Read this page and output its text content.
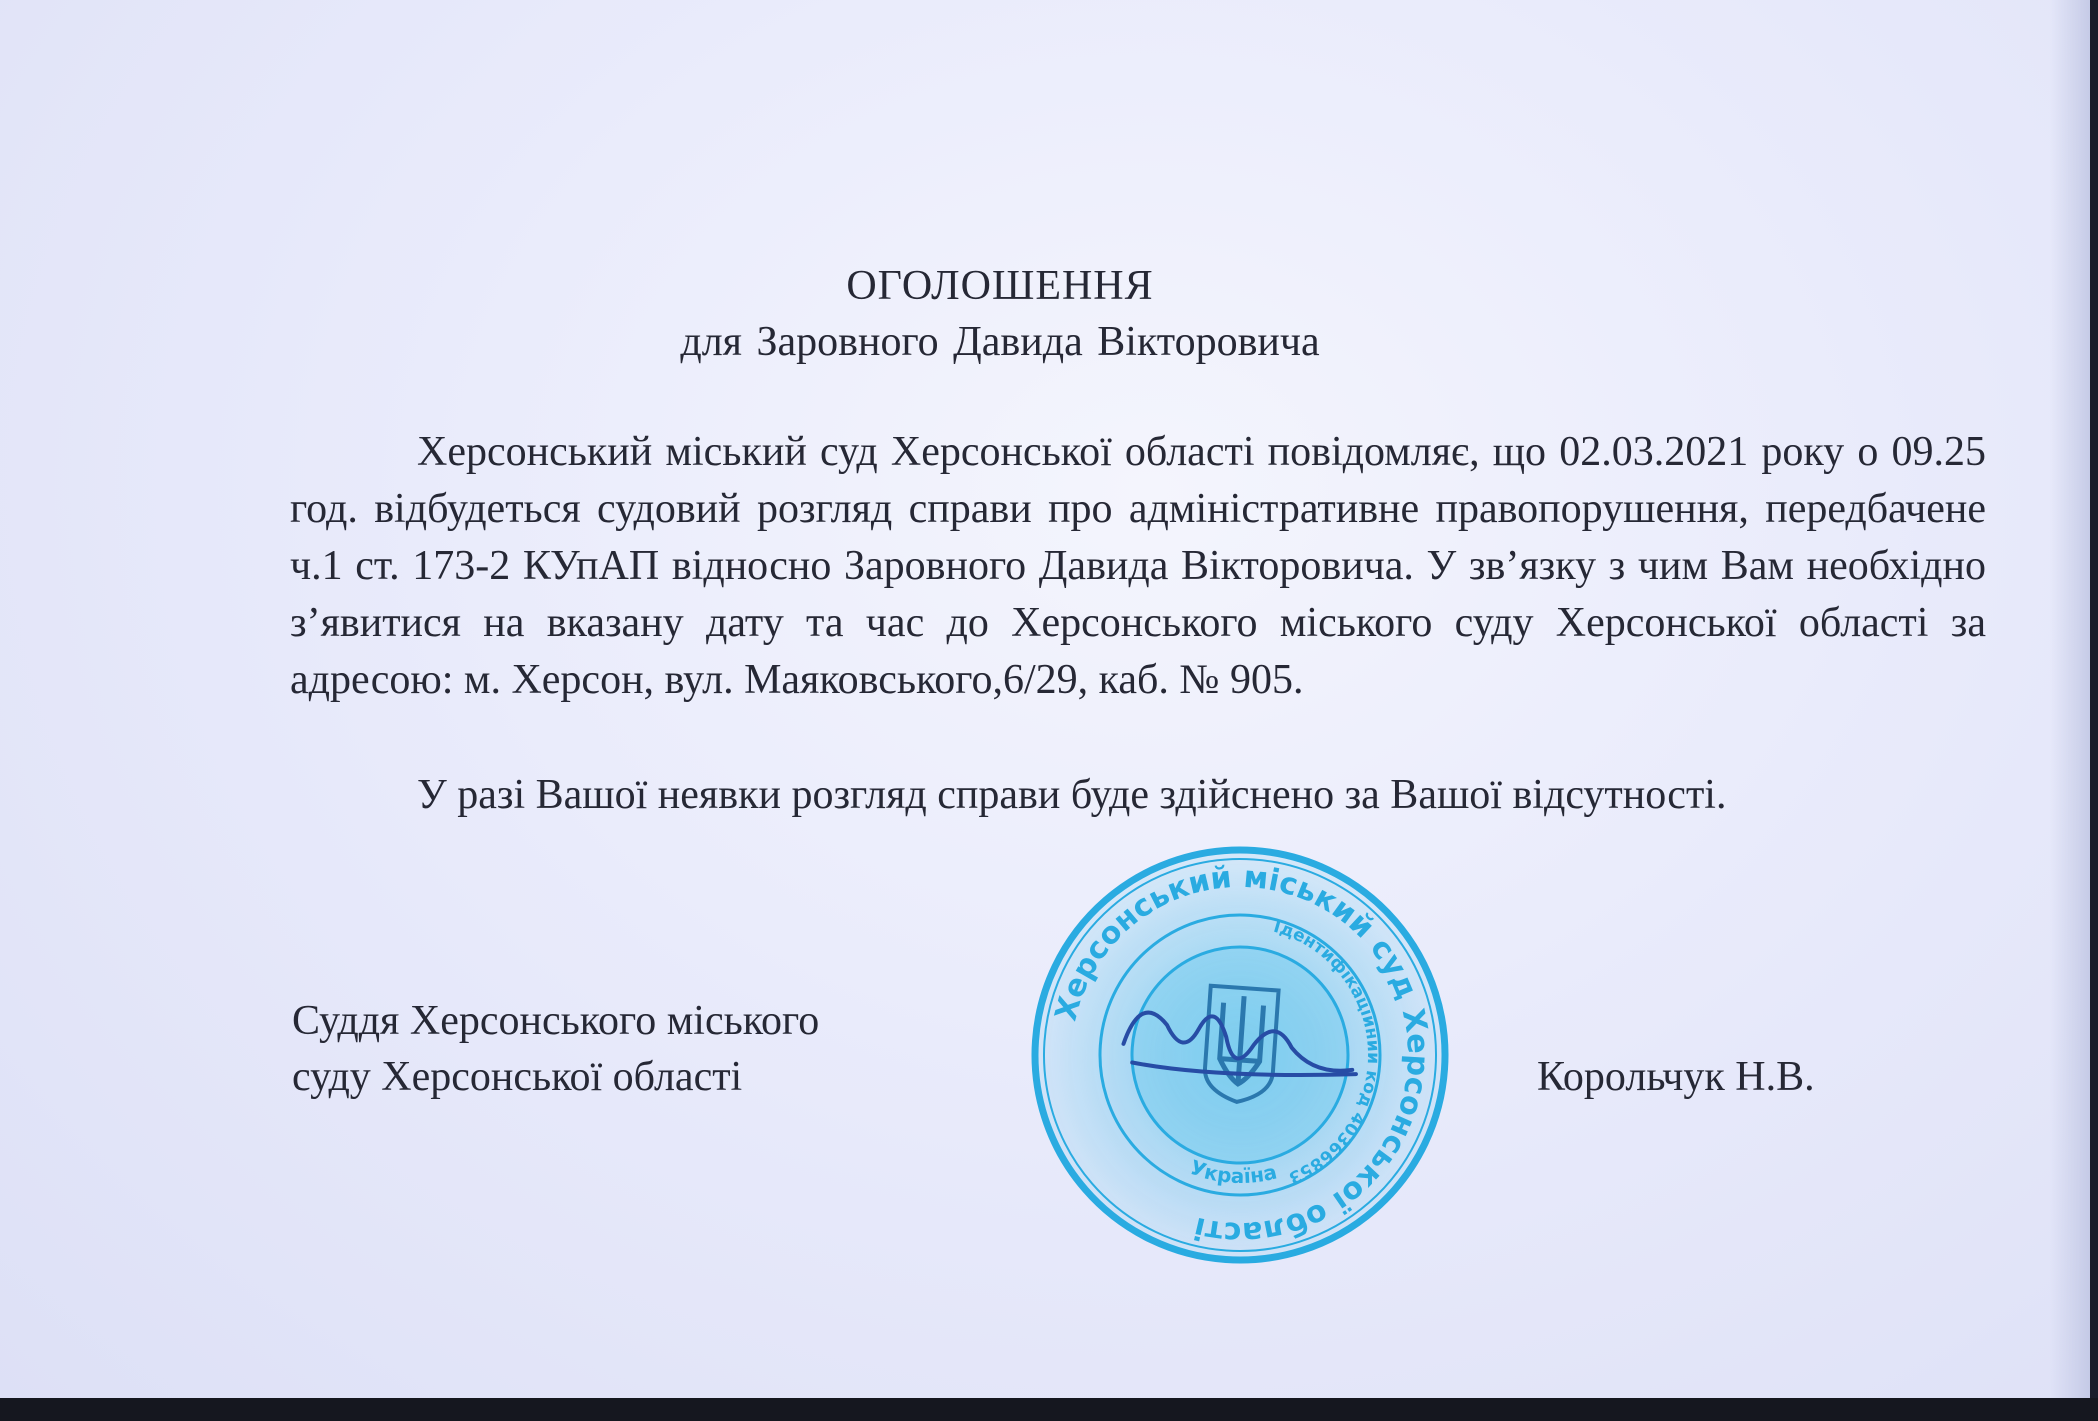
ОГОЛОШЕННЯ
для Заровного Давида Вікторовича

Херсонський міський суд Херсонської області повідомляє, що 02.03.2021 року о 09.25 год. відбудеться судовий розгляд справи про адміністративне правопорушення, передбачене ч.1 ст. 173-2 КУпАП відносно Заровного Давида Вікторовича. У зв’язку з чим Вам необхідно з’явитися на вказану дату та час до Херсонського міського суду Херсонської області за адресою: м. Херсон, вул. Маяковського,6/29, каб. № 905.

У разі Вашої неявки розгляд справи буде здійснено за Вашої відсутності.

Суддя Херсонського міського
суду Херсонської області	Корольчук Н.В.
Херсонський міський суд Херсонської області
Ідентифікаційний код 40366853
Україна
